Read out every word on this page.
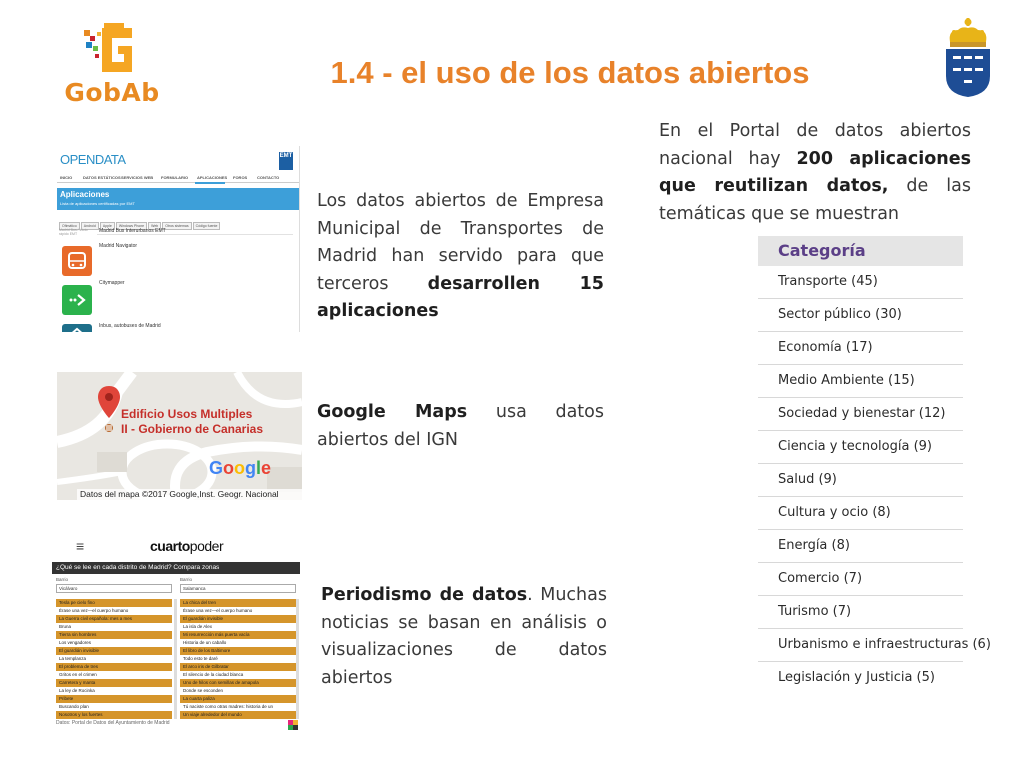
GobAb
1.4 - el uso de los datos abiertos
En el Portal de datos abiertos nacional hay 200 aplicaciones que reutilizan datos, de las temáticas que se muestran
Categoría
Transporte (45)
Sector público (30)
Economía (17)
Medio Ambiente (15)
Sociedad y bienestar (12)
Ciencia y tecnología (9)
Salud (9)
Cultura y ocio (8)
Energía (8)
Comercio (7)
Turismo (7)
Urbanismo e infraestructuras (6)
Legislación y Justicia (5)
OPENDATA	EMT
INICIO	DATOS ESTÁTICOS SERVICIOS WEB FORMULARIO APLICACIONES FOROS CONTACTO
Aplicaciones
Lista de aplicaciones certificadas por EMT
Ofimático Android Apple Windows Phone Web Otros sistemas Código fuente
Madrid Bus / inicio rápido EMT	Madrid Bus Interurbanos EMT
Madrid Navigator
Citymapper
Inbus, autobuses de Madrid
Los datos abiertos de Empresa Municipal de Transportes de Madrid han servido para que terceros desarrollen 15 aplicaciones
Edificio Usos Multiples
II - Gobierno de Canarias
Google
Datos del mapa ©2017 Google,Inst. Geogr. Nacional
Google Maps usa datos abiertos del IGN
≡	cuartopoder
¿Qué se lee en cada distrito de Madrid? Compara zonas
Barrio	Barrio
Vicálvaro	Salamanca
Tesla pe cielo fino
Érase una vez—el cuerpo humano
La Guerra civil española: mes a mes
Bruna
Tierra sin hombres
Los vengadores
El guardián invisible
La templanza
El problema de tres
Gritos en el crimen
Carretera y manta
La ley de Rocinka
Pribete
Buscando plan
Nosotros y los fuertes
La chica del tren
Érase una vez—el cuerpo humano
El guardián invisible
La isla de Alex
Mi resurrección más puerta vacía
Historia de un caballo
El libro de los Baltimore
Todo esto te daré
El arco iris de Gilbratar
El silencio de la ciudad blanca
Uno de hilos con semillas de amapola
Donde se esconden
La cuarta paliza
Tú naciste como otras madres: historia de un
Un viaje alrededor del mundo
Datos: Portal de Datos del Ayuntamiento de Madrid
Periodismo de datos. Muchas noticias se basan en análisis o visualizaciones de datos abiertos
